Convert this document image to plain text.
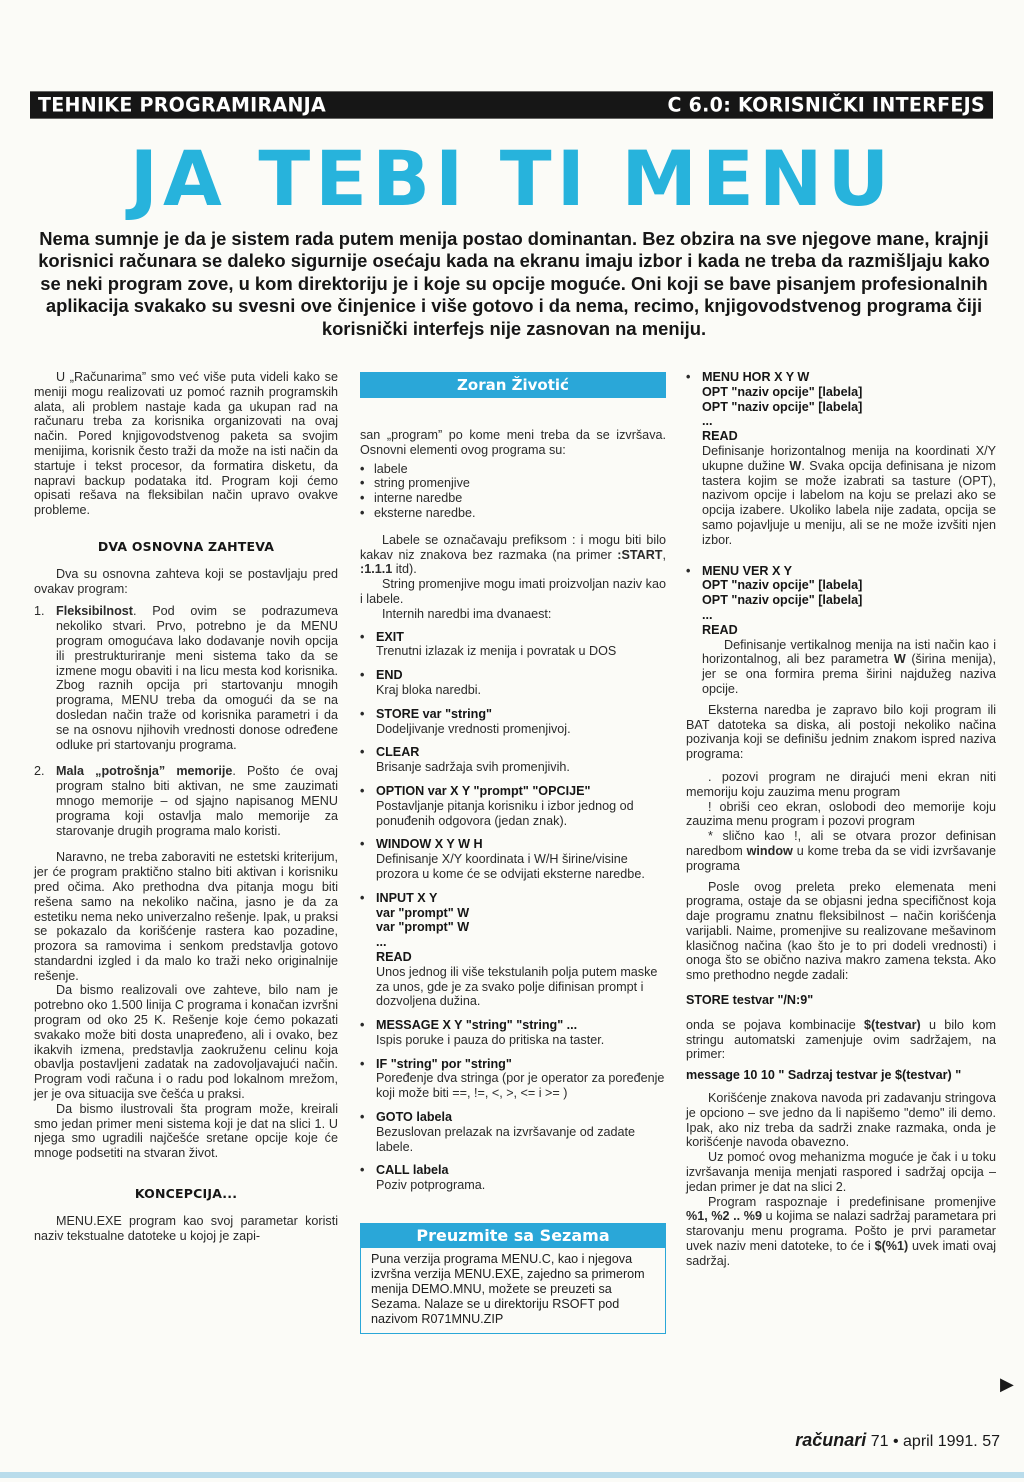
TEHNIKE PROGRAMIRANJA	C 6.0: KORISNIČKI INTERFEJS
JA TEBI TI MENU
Nema sumnje je da je sistem rada putem menija postao dominantan. Bez obzira na sve njegove mane, krajnji korisnici računara se daleko sigurnije osećaju kada na ekranu imaju izbor i kada ne treba da razmišljaju kako se neki program zove, u kom direktoriju je i koje su opcije moguće. Oni koji se bave pisanjem profesionalnih aplikacija svakako su svesni ove činjenice i više gotovo i da nema, recimo, knjigovodstvenog programa čiji korisnički interfejs nije zasnovan na meniju.

U „Računarima” smo već više puta videli kako se meniji mogu realizovati uz pomoć raznih programskih alata, ali problem nastaje kada ga ukupan rad na računaru treba za korisnika organizovati na ovaj način. Pored knjigovodstvenog paketa sa svojim menijima, korisnik često traži da može na isti način da startuje i tekst procesor, da formatira disketu, da napravi backup podataka itd. Program koji ćemo opisati rešava na fleksibilan način upravo ovakve probleme.

DVA OSNOVNA ZAHTEVA

Dva su osnovna zahteva koji se postavljaju pred ovakav program:

1. Fleksibilnost. Pod ovim se podrazumeva nekoliko stvari. Prvo, potrebno je da MENU program omogućava lako dodavanje novih opcija ili prestrukturiranje meni sistema tako da se izmene mogu obaviti i na licu mesta kod korisnika. Zbog raznih opcija pri startovanju mnogih programa, MENU treba da omogući da se na dosledan način traže od korisnika parametri i da se na osnovu njihovih vrednosti donose određene odluke pri startovanju programa.
2. Mala „potrošnja” memorije. Pošto će ovaj program stalno biti aktivan, ne sme zauzimati mnogo memorije – od sjajno napisanog MENU programa koji ostavlja malo memorije za starovanje drugih programa malo koristi.

Naravno, ne treba zaboraviti ne estetski kriterijum, jer će program praktično stalno biti aktivan i korisniku pred očima. Ako prethodna dva pitanja mogu biti rešena samo na nekoliko načina, jasno je da za estetiku nema neko univerzalno rešenje. Ipak, u praksi se pokazalo da korišćenje rastera kao pozadine, prozora sa ramovima i senkom predstavlja gotovo standardni izgled i da malo ko traži neko originalnije rešenje.

Da bismo realizovali ove zahteve, bilo nam je potrebno oko 1.500 linija C programa i konačan izvršni program od oko 25 K. Rešenje koje ćemo pokazati svakako može biti dosta unapređeno, ali i ovako, bez ikakvih izmena, predstavlja zaokruženu celinu koja obavlja postavljeni zadatak na zadovoljavajući način. Program vodi računa i o radu pod lokalnom mrežom, jer je ova situacija sve češća u praksi.

Da bismo ilustrovali šta program može, kreirali smo jedan primer meni sistema koji je dat na slici 1. U njega smo ugradili najčešće sretane opcije koje će mnoge podsetiti na stvaran život.

KONCEPCIJA...

MENU.EXE program kao svoj parametar koristi naziv tekstualne datoteke u kojoj je zapi-

Zoran Životić

san „program” po kome meni treba da se izvršava. Osnovni elementi ovog programa su:

• labele
• string promenjive
• interne naredbe
• eksterne naredbe.

Labele se označavaju prefiksom : i mogu biti bilo kakav niz znakova bez razmaka (na primer :START, :1.1.1 itd).

String promenjive mogu imati proizvoljan naziv kao i labele.

Internih naredbi ima dvanaest:

• EXIT
Trenutni izlazak iz menija i povratak u DOS
• END
Kraj bloka naredbi.
• STORE var "string"
Dodeljivanje vrednosti promenjivoj.
• CLEAR
Brisanje sadržaja svih promenjivih.
• OPTION var X Y "prompt" "OPCIJE"
Postavljanje pitanja korisniku i izbor jednog od ponuđenih odgovora (jedan znak).
• WINDOW X Y W H
Definisanje X/Y koordinata i W/H širine/visine prozora u kome će se odvijati eksterne naredbe.
• INPUT X Y
var "prompt" W
var "prompt" W
...
READ
Unos jednog ili više tekstulanih polja putem maske za unos, gde je za svako polje difinisan prompt i dozvoljena dužina.
• MESSAGE X Y "string" "string" ...
Ispis poruke i pauza do pritiska na taster.
• IF "string" por "string"
Poređenje dva stringa (por je operator za poređenje koji može biti ==, !=, <, >, <= i >= )
• GOTO labela
Bezuslovan prelazak na izvršavanje od zadate labele.
• CALL labela
Poziv potprograma.
Preuzmite sa Sezama
Puna verzija programa MENU.C, kao i njegova izvršna verzija MENU.EXE, zajedno sa primerom menija DEMO.MNU, možete se preuzeti sa Sezama. Nalaze se u direktoriju RSOFT pod nazivom R071MNU.ZIP
• MENU HOR X Y W
OPT "naziv opcije" [labela]
OPT "naziv opcije" [labela]
...
READ

Definisanje horizontalnog menija na koordinati X/Y ukupne dužine W. Svaka opcija definisana je nizom tastera kojim se može izabrati sa tasture (OPT), nazivom opcije i labelom na koju se prelazi ako se opcija izabere. Ukoliko labela nije zadata, opcija se samo pojavljuje u meniju, ali se ne može izvšiti njen izbor.

• MENU VER X Y
OPT "naziv opcije" [labela]
OPT "naziv opcije" [labela]
...
READ

Definisanje vertikalnog menija na isti način kao i horizontalnog, ali bez parametra W (širina menija), jer se ona formira prema širini najdužeg naziva opcije.

Eksterna naredba je zapravo bilo koji program ili BAT datoteka sa diska, ali postoji nekoliko načina pozivanja koji se definišu jednim znakom ispred naziva programa:

. pozovi program ne dirajući meni ekran niti memoriju koju zauzima menu program

! obriši ceo ekran, oslobodi deo memorije koju zauzima menu program i pozovi program

* slično kao !, ali se otvara prozor definisan naredbom window u kome treba da se vidi izvršavanje programa

Posle ovog preleta preko elemenata meni programa, ostaje da se objasni jedna specifičnost koja daje programu znatnu fleksibilnost – način korišćenja varijabli. Naime, promenjive su realizovane mešavinom klasičnog načina (kao što je to pri dodeli vrednosti) i onoga što se obično naziva makro zamena teksta. Ako smo prethodno negde zadali:

STORE testvar "/N:9"

onda se pojava kombinacije $(testvar) u bilo kom stringu automatski zamenjuje ovim sadržajem, na primer:

message 10 10 " Sadrzaj testvar je $(testvar) "

Korišćenje znakova navoda pri zadavanju stringova je opciono – sve jedno da li napišemo "demo" ili demo. Ipak, ako niz treba da sadrži znake razmaka, onda je korišćenje navoda obavezno.

Uz pomoć ovog mehanizma moguće je čak i u toku izvršavanja menija menjati raspored i sadržaj opcija – jedan primer je dat na slici 2.

Program raspoznaje i predefinisane promenjive %1, %2 .. %9 u kojima se nalazi sadržaj parametara pri starovanju menu programa. Pošto je prvi parametar uvek naziv meni datoteke, to će i $(%1) uvek imati ovaj sadržaj.

▶
računari 71 • april 1991. 57
